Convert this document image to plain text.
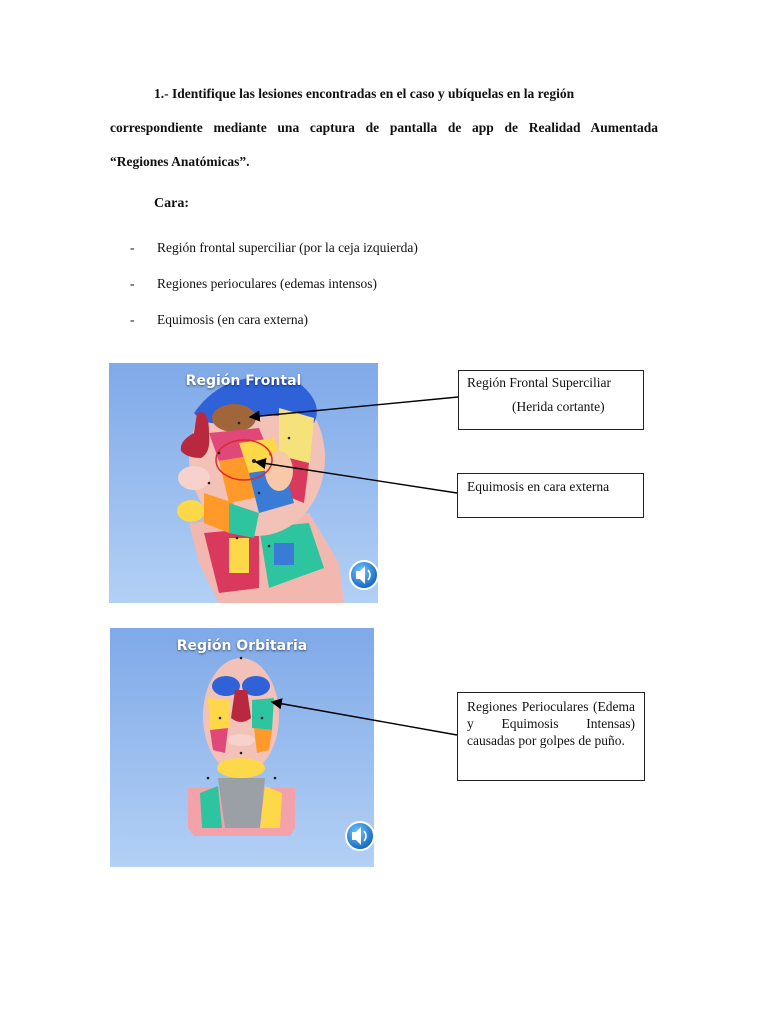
1.- Identifique las lesiones encontradas en el caso y ubíquelas en la región
correspondiente mediante una captura de pantalla de app de Realidad Aumentada
“Regiones Anatómicas”.
Cara:
- Región frontal superciliar (por la ceja izquierda)
- Regiones perioculares (edemas intensos)
- Equimosis (en cara externa)
Región Frontal
Región Orbitaria
Región Frontal Superciliar
(Herida cortante)
Equimosis en cara externa
Regiones Perioculares (Edema y Equimosis Intensas) causadas por golpes de puño.
